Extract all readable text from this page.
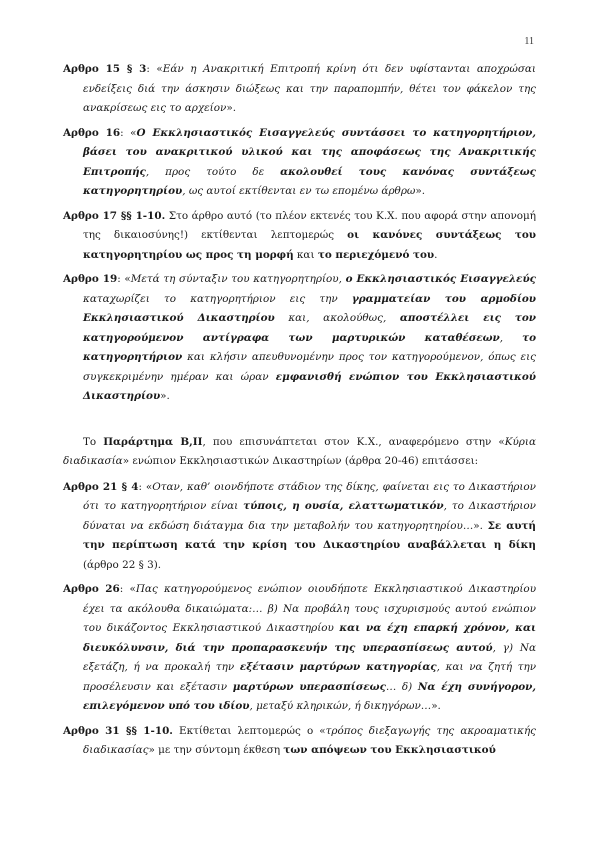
11

Αρθρο 15 § 3: «Εάν η Ανακριτική Επιτροπή κρίνη ότι δεν υφίστανται αποχρώσαι ενδείξεις διά την άσκησιν διώξεως και την παραπομπήν, θέτει τον φάκελον της ανακρίσεως εις το αρχείον».

Αρθρο 16: «Ο Εκκλησιαστικός Εισαγγελεύς συντάσσει το κατηγορητήριον, βάσει του ανακριτικού υλικού και της αποφάσεως της Ανακριτικής Επιτροπής, προς τούτο δε ακολουθεί τους κανόνας συντάξεως κατηγορητηρίου, ως αυτοί εκτίθενται εν τω επομένω άρθρω».

Αρθρο 17 §§ 1-10. Στο άρθρο αυτό (το πλέον εκτενές του Κ.Χ. που αφορά στην απονομή της δικαιοσύνης!) εκτίθενται λεπτομερώς οι κανόνες συντάξεως του κατηγορητηρίου ως προς τη μορφή και το περιεχόμενό του.

Αρθρο 19: «Μετά τη σύνταξιν του κατηγορητηρίου, ο Εκκλησιαστικός Εισαγγελεύς καταχωρίζει το κατηγορητήριον εις την γραμματείαν του αρμοδίου Εκκλησιαστικού Δικαστηρίου και, ακολούθως, αποστέλλει εις τον κατηγορούμενον αντίγραφα των μαρτυρικών καταθέσεων, το κατηγορητήριον και κλήσιν απευθυνομένην προς τον κατηγορούμενον, όπως εις συγκεκριμένην ημέραν και ώραν εμφανισθή ενώπιον του Εκκλησιαστικού Δικαστηρίου».

Το Παράρτημα Β,ΙΙ, που επισυνάπτεται στον Κ.Χ., αναφερόμενο στην «Κύρια διαδικασία» ενώπιον Εκκλησιαστικών Δικαστηρίων (άρθρα 20-46) επιτάσσει:

Αρθρο 21 § 4: «Οταν, καθ’ οιονδήποτε στάδιον της δίκης, φαίνεται εις το Δικαστήριον ότι το κατηγορητήριον είναι τύποις, η ουσία, ελαττωματικόν, το Δικαστήριον δύναται να εκδώση διάταγμα δια την μεταβολήν του κατηγορητηρίου…». Σε αυτή την περίπτωση κατά την κρίση του Δικαστηρίου αναβάλλεται η δίκη (άρθρο 22 § 3).

Αρθρο 26: «Πας κατηγορούμενος ενώπιον οιουδήποτε Εκκλησιαστικού Δικαστηρίου έχει τα ακόλουθα δικαιώματα:… β) Να προβάλη τους ισχυρισμούς αυτού ενώπιον του δικάζοντος Εκκλησιαστικού Δικαστηρίου και να έχη επαρκή χρόνον, και διευκόλυνσιν, διά την προπαρασκευήν της υπερασπίσεως αυτού, γ) Να εξετάζη, ή να προκαλή την εξέτασιν μαρτύρων κατηγορίας, και να ζητή την προσέλευσιν και εξέτασιν μαρτύρων υπερασπίσεως… δ) Να έχη συνήγορον, επιλεγόμενον υπό του ιδίου, μεταξύ κληρικών, ή δικηγόρων…».

Αρθρο 31 §§ 1-10. Εκτίθεται λεπτομερώς ο «τρόπος διεξαγωγής της ακροαματικής διαδικασίας» με την σύντομη έκθεση των απόψεων του Εκκλησιαστικού
